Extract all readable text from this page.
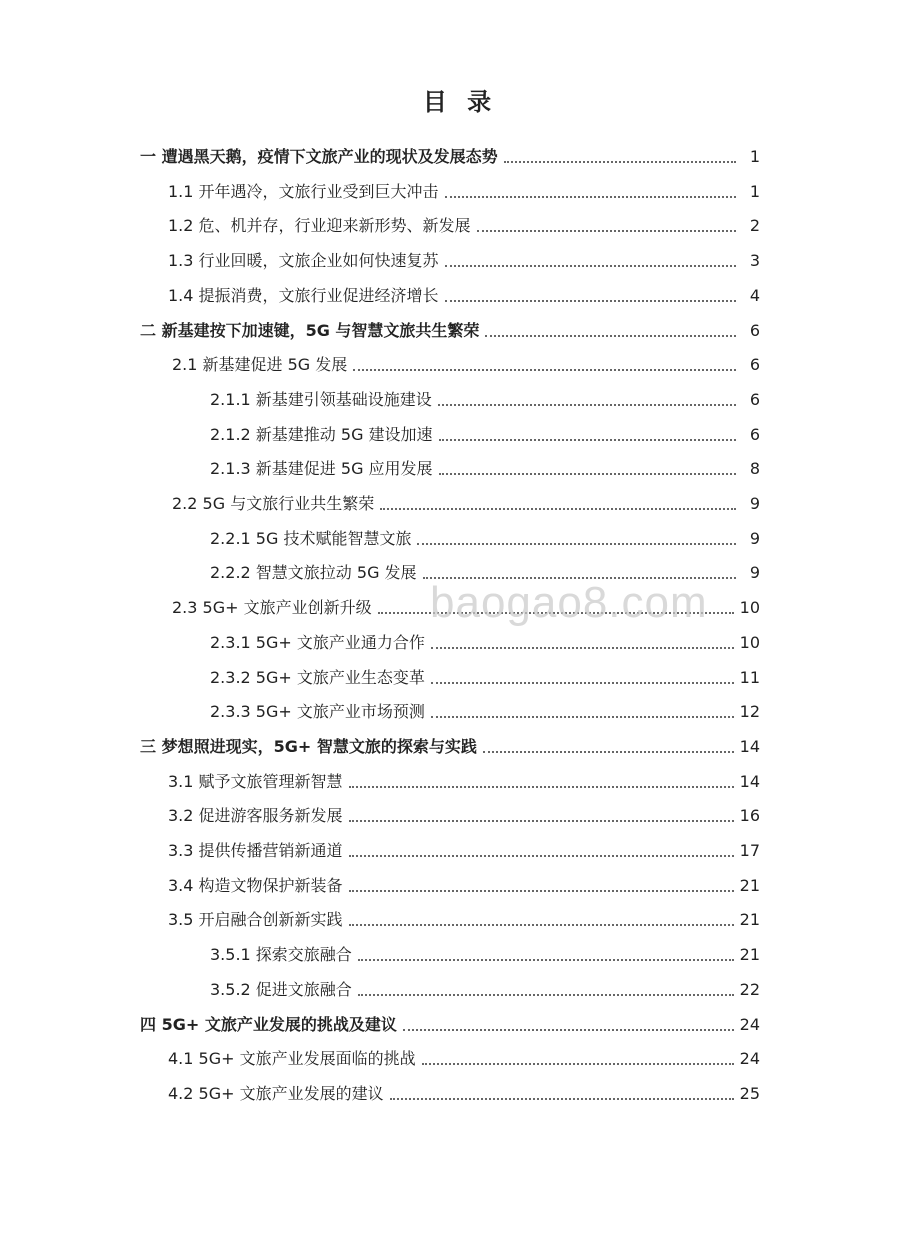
目 录
一 遭遇黑天鹅，疫情下文旅产业的现状及发展态势	1
1.1 开年遇冷，文旅行业受到巨大冲击	1
1.2 危、机并存，行业迎来新形势、新发展	2
1.3 行业回暖，文旅企业如何快速复苏	3
1.4 提振消费，文旅行业促进经济增长	4
二 新基建按下加速键，5G 与智慧文旅共生繁荣	6
2.1 新基建促进 5G 发展	6
2.1.1 新基建引领基础设施建设	6
2.1.2 新基建推动 5G 建设加速	6
2.1.3 新基建促进 5G 应用发展	8
2.2 5G 与文旅行业共生繁荣	9
2.2.1 5G 技术赋能智慧文旅	9
2.2.2 智慧文旅拉动 5G 发展	9
2.3 5G+ 文旅产业创新升级	10
2.3.1 5G+ 文旅产业通力合作	10
2.3.2 5G+ 文旅产业生态变革	11
2.3.3 5G+ 文旅产业市场预测	12
三 梦想照进现实，5G+ 智慧文旅的探索与实践	14
3.1 赋予文旅管理新智慧	14
3.2 促进游客服务新发展	16
3.3 提供传播营销新通道	17
3.4 构造文物保护新装备	21
3.5 开启融合创新新实践	21
3.5.1 探索交旅融合	21
3.5.2 促进文旅融合	22
四 5G+ 文旅产业发展的挑战及建议	24
4.1 5G+ 文旅产业发展面临的挑战	24
4.2 5G+ 文旅产业发展的建议	25
baogao8.com
